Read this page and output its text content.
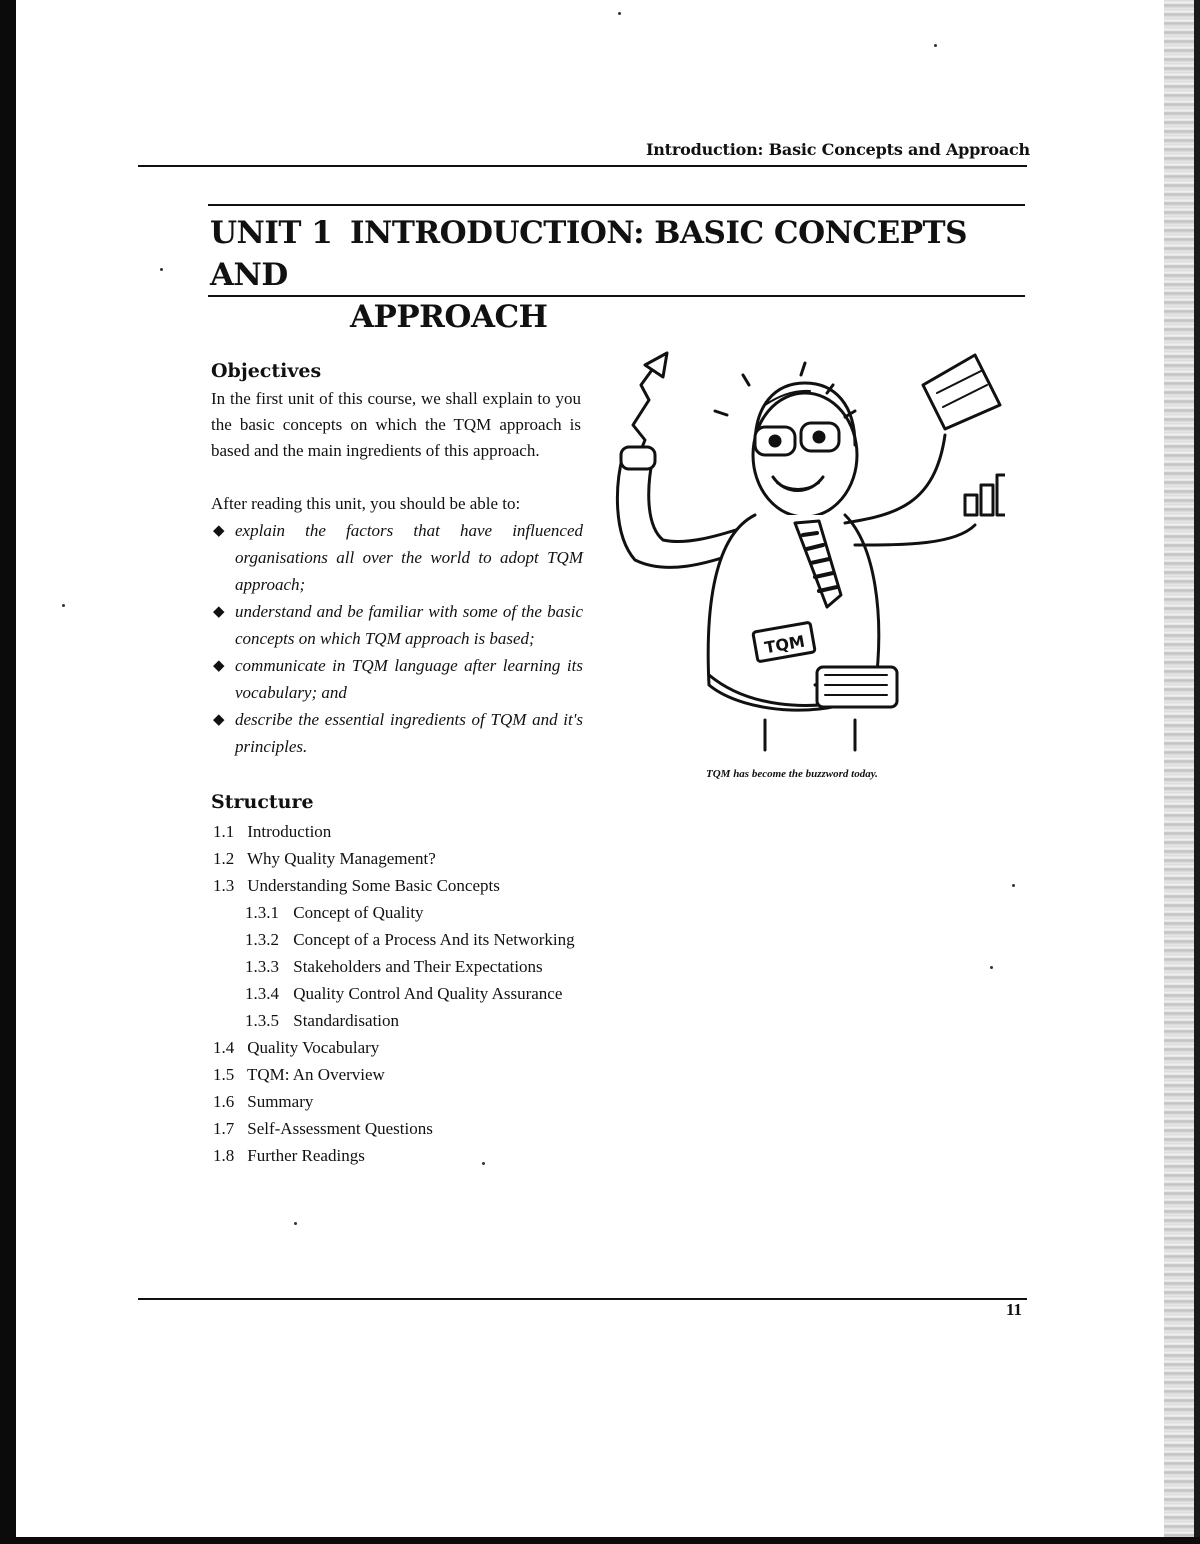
Introduction: Basic Concepts and Approach
UNIT 1 INTRODUCTION: BASIC CONCEPTS AND
APPROACH
Objectives
In the first unit of this course, we shall explain to you the basic concepts on which the TQM approach is based and the main ingredients of this approach.
After reading this unit, you should be able to:
◆ explain the factors that have influenced organisations all over the world to adopt TQM approach;
◆ understand and be familiar with some of the basic concepts on which TQM approach is based;
◆ communicate in TQM language after learning its vocabulary; and
◆ describe the essential ingredients of TQM and it's principles.
TQM
TQM has become the buzzword today.
Structure
1.1 Introduction
1.2 Why Quality Management?
1.3 Understanding Some Basic Concepts
1.3.1 Concept of Quality
1.3.2 Concept of a Process And its Networking
1.3.3 Stakeholders and Their Expectations
1.3.4 Quality Control And Quality Assurance
1.3.5 Standardisation
1.4 Quality Vocabulary
1.5 TQM: An Overview
1.6 Summary
1.7 Self-Assessment Questions
1.8 Further Readings
11
